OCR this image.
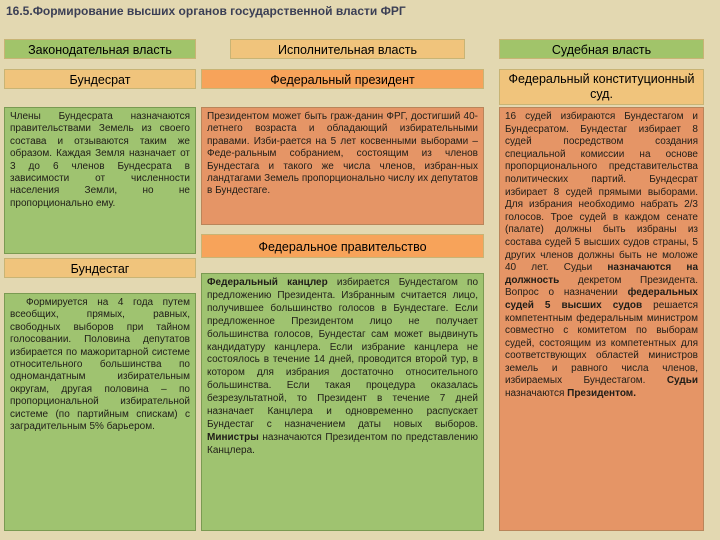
16.5.Формирование высших органов государственной власти ФРГ
Законодательная власть	Исполнительная власть	Судебная власть
Бундесрат	Федеральный президент	Федеральный конституционный суд.

Члены Бундесрата назначаются правительствами Земель из своего состава и отзываются таким же образом. Каждая Земля назначает от 3 до 6 членов Бундесрата в зависимости от численности населения Земли, но не пропорционально ему.

Бундестаг

Формируется на 4 года путем всеобщих, прямых, равных, свободных выборов при тайном голосовании. Половина депутатов избирается по мажоритарной системе относительного большинства по одномандатным избирательным округам, другая половина – по пропорциональной избирательной системе (по партийным спискам) с заградительным 5% барьером.

Президентом может быть граж-данин ФРГ, достигший 40-летнего возраста и обладающий избирательными правами. Изби-рается на 5 лет косвенными выборами – Феде-ральным собранием, состоящим из членов Бундестага и такого же числа членов, избран-ных ландтагами Земель пропорционально числу их депутатов в Бундестаге.

Федеральное правительство

Федеральный канцлер избирается Бундестагом по предложению Президента. Избранным считается лицо, получившее большинство голосов в Бундестаге. Если предложенное Президентом лицо не получает большинства голосов, Бундестаг сам может выдвинуть кандидатуру канцлера. Если избрание канцлера не состоялось в течение 14 дней, проводится второй тур, в котором для избрания достаточно относительного большинства. Если такая процедура оказалась безрезультатной, то Президент в течение 7 дней назначает Канцлера и одновременно распускает Бундестаг с назначением даты новых выборов. Министры назначаются Президентом по представлению Канцлера.

16 судей избираются Бундестагом и Бундесратом. Бундестаг избирает 8 судей посредством создания специальной комиссии на основе пропорционального представительства политических партий. Бундесрат избирает 8 судей прямыми выборами. Для избрания необходимо набрать 2/3 голосов. Трое судей в каждом сенате (палате) должны быть избраны из состава судей 5 высших судов страны, 5 других членов должны быть не моложе 40 лет. Судьи назначаются на должность декретом Президента. Вопрос о назначении федеральных судей 5 высших судов решается компетентным федеральным министром совместно с комитетом по выборам судей, состоящим из компетентных для соответствующих областей министров земель и равного числа членов, избираемых Бундестагом. Судьи назначаются Президентом.
